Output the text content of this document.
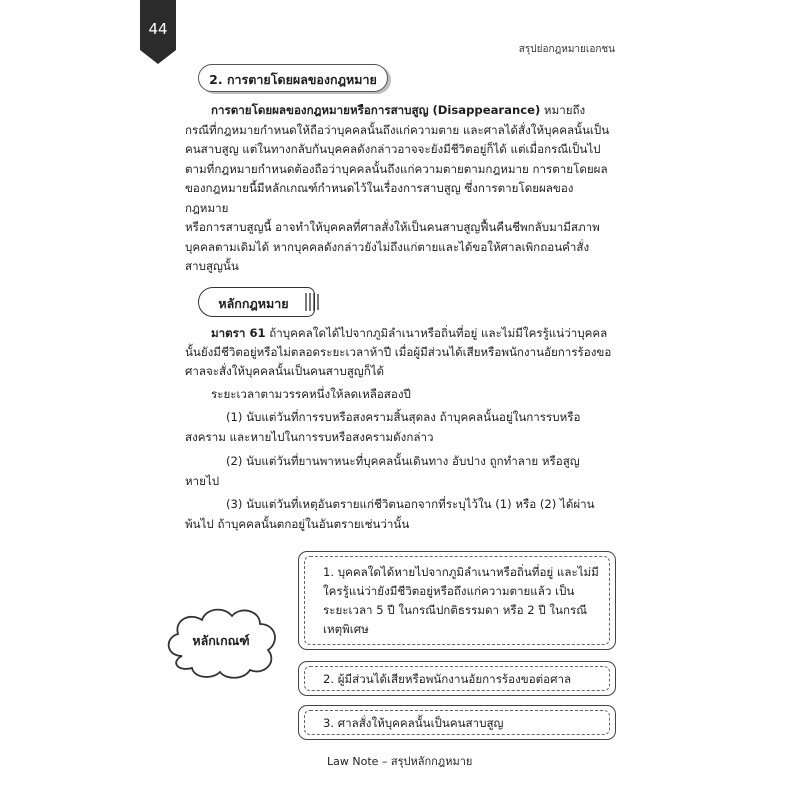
44
สรุปย่อกฎหมายเอกชน
2. การตายโดยผลของกฎหมาย
การตายโดยผลของกฎหมายหรือการสาบสูญ (Disappearance) หมายถึง
กรณีที่กฎหมายกำหนดให้ถือว่าบุคคลนั้นถึงแก่ความตาย และศาลได้สั่งให้บุคคลนั้นเป็น
คนสาบสูญ แต่ในทางกลับกันบุคคลดังกล่าวอาจจะยังมีชีวิตอยู่ก็ได้ แต่เมื่อกรณีเป็นไป
ตามที่กฎหมายกำหนดต้องถือว่าบุคคลนั้นถึงแก่ความตายตามกฎหมาย การตายโดยผล
ของกฎหมายนี้มีหลักเกณฑ์กำหนดไว้ในเรื่องการสาบสูญ ซึ่งการตายโดยผลของกฎหมาย
หรือการสาบสูญนี้ อาจทำให้บุคคลที่ศาลสั่งให้เป็นคนสาบสูญฟื้นคืนชีพกลับมามีสภาพ
บุคคลตามเดิมได้ หากบุคคลดังกล่าวยังไม่ถึงแก่ตายและได้ขอให้ศาลเพิกถอนคำสั่ง
สาบสูญนั้น
หลักกฎหมาย
มาตรา 61 ถ้าบุคคลใดได้ไปจากภูมิลำเนาหรือถิ่นที่อยู่ และไม่มีใครรู้แน่ว่าบุคคล
นั้นยังมีชีวิตอยู่หรือไม่ตลอดระยะเวลาห้าปี เมื่อผู้มีส่วนได้เสียหรือพนักงานอัยการร้องขอ
ศาลจะสั่งให้บุคคลนั้นเป็นคนสาบสูญก็ได้
ระยะเวลาตามวรรคหนึ่งให้ลดเหลือสองปี
(1) นับแต่วันที่การรบหรือสงครามสิ้นสุดลง ถ้าบุคคลนั้นอยู่ในการรบหรือ
สงคราม และหายไปในการรบหรือสงครามดังกล่าว
(2) นับแต่วันที่ยานพาหนะที่บุคคลนั้นเดินทาง อับปาง ถูกทำลาย หรือสูญ
หายไป
(3) นับแต่วันที่เหตุอันตรายแก่ชีวิตนอกจากที่ระบุไว้ใน (1) หรือ (2) ได้ผ่าน
พ้นไป ถ้าบุคคลนั้นตกอยู่ในอันตรายเช่นว่านั้น
หลักเกณฑ์
1. บุคคลใดได้หายไปจากภูมิลำเนาหรือถิ่นที่อยู่ และไม่มี
ใครรู้แน่ว่ายังมีชีวิตอยู่หรือถึงแก่ความตายแล้ว เป็น
ระยะเวลา 5 ปี ในกรณีปกติธรรมดา หรือ 2 ปี ในกรณี
เหตุพิเศษ
2. ผู้มีส่วนได้เสียหรือพนักงานอัยการร้องขอต่อศาล
3. ศาลสั่งให้บุคคลนั้นเป็นคนสาบสูญ
Law Note – สรุปหลักกฎหมาย
